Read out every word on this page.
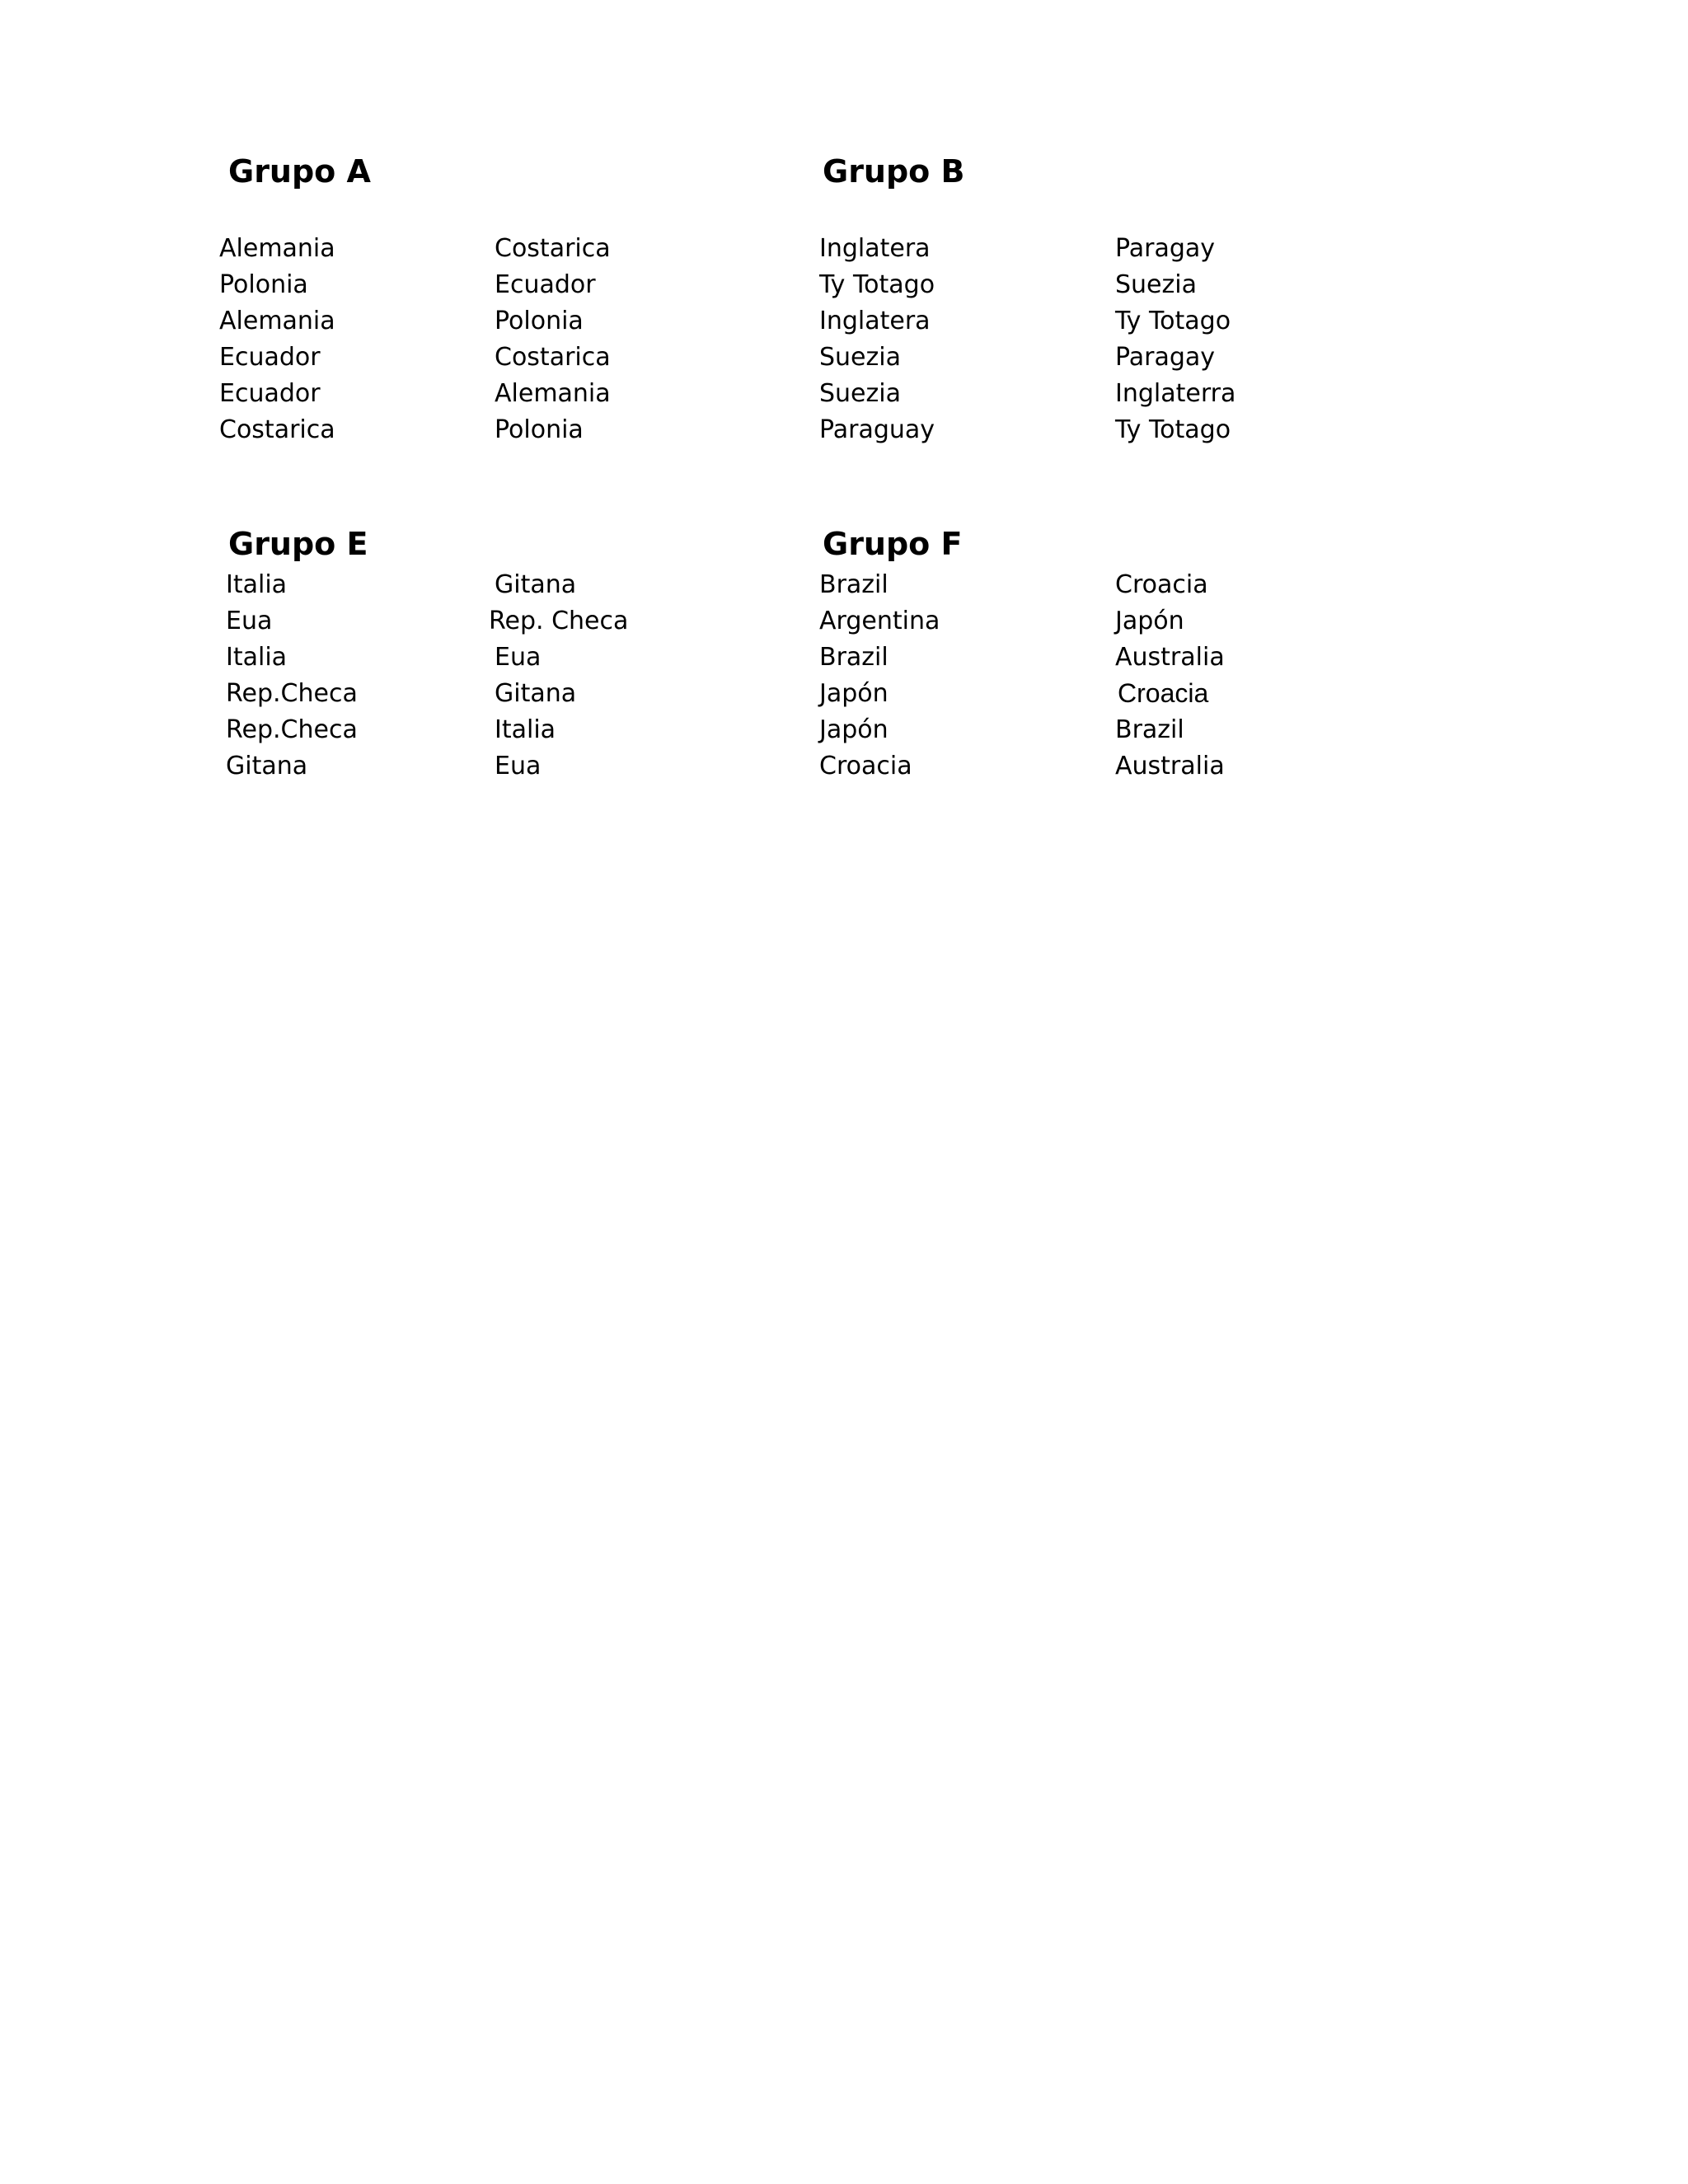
Grupo A
Alemania	Costarica
Polonia	Ecuador
Alemania	Polonia
Ecuador	Costarica
Ecuador	Alemania
Costarica	Polonia
Grupo B
Inglatera	Paragay
Ty Totago	Suezia
Inglatera	Ty Totago
Suezia	Paragay
Suezia	Inglaterra
Paraguay	Ty Totago
Grupo E
Italia	Gitana
Eua	Rep. Checa
Italia	Eua
Rep.Checa	Gitana
Rep.Checa	Italia
Gitana	Eua
Grupo F
Brazil	Croacia
Argentina	Japón
Brazil	Australia
Japón	Croacia
Japón	Brazil
Croacia	Australia
